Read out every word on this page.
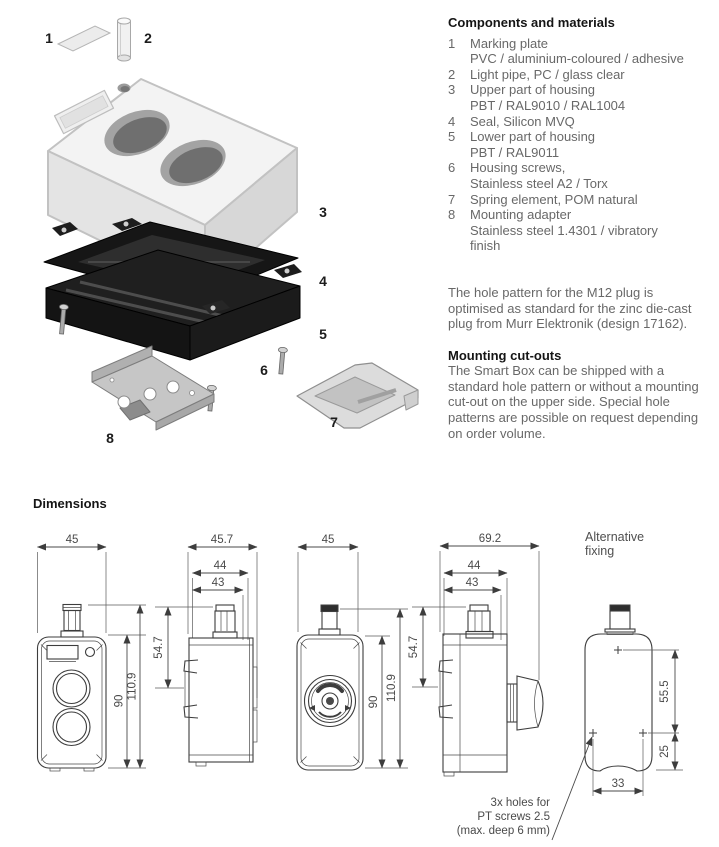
1	2
3
4
5
6
7
8
Components and materials
1	Marking plate
PVC / aluminium-coloured / adhesive
2	Light pipe, PC / glass clear
3	Upper part of housing
PBT / RAL9010 / RAL1004
4	Seal, Silicon MVQ
5	Lower part of housing
PBT / RAL9011
6	Housing screws,
Stainless steel A2 / Torx
7	Spring element, POM natural
8	Mounting adapter
Stainless steel 1.4301 / vibratory
finish
The hole pattern for the M12 plug is optimised as standard for the zinc die-cast plug from Murr Elektronik (design 17162).
Mounting cut-outs
The Smart Box can be shipped with a standard hole pattern or without a mounting cut-out on the upper side. Special hole patterns are possible on request depending on order volume.
Dimensions
45
90
110.9
45.7
44
43
54.7
45
90
110.9
69.2
44
43
54.7
Alternative
fixing
55.5
25
33
3x holes for
PT screws 2.5
(max. deep 6 mm)
